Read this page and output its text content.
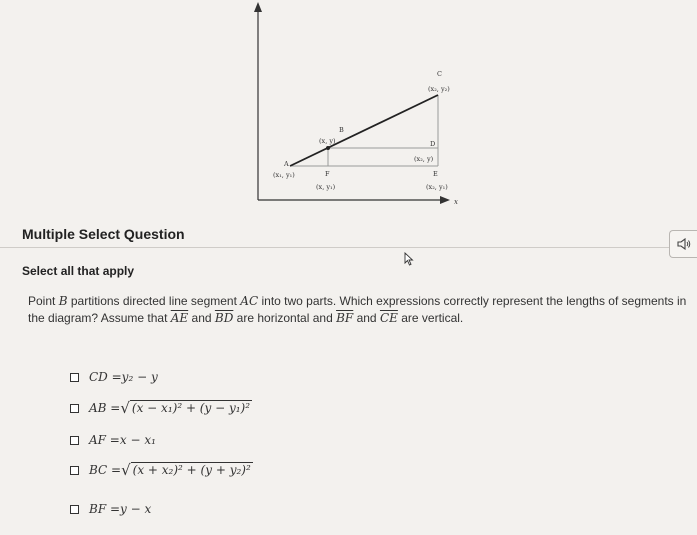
x
C
(x₂, y₂)
B
(x, y)	D
(x₂, y)
A
(x₁, y₁)	F
(x, y₁)
E
(x₂, y₁)
Multiple Select Question
Select all that apply
Point B partitions directed line segment AC into two parts. Which expressions correctly represent the lengths of segments in the diagram? Assume that $\overline{AE}$ and $\overline{BD}$ are horizontal and $\overline{BF}$ and $\overline{CE}$ are vertical.
CD = y₂ − y
AB = √ (x − x₁)² + (y − y₁)²
AF = x − x₁
BC = √ (x + x₂)² + (y + y₂)²
BF = y − x
